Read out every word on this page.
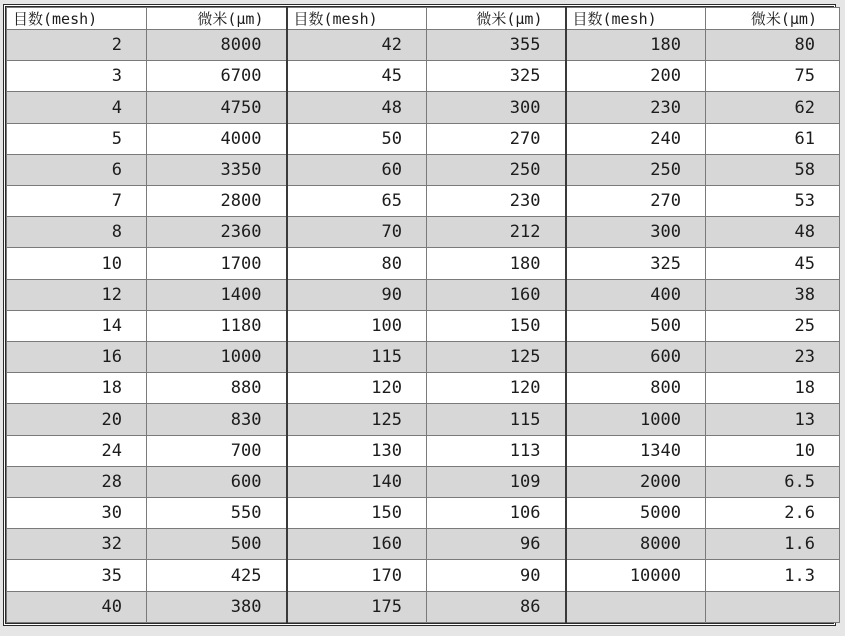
目数(mesh)	微米(μm)	目数(mesh)	微米(μm)	目数(mesh)	微米(μm)
2	8000	42	355	180	80
3	6700	45	325	200	75
4	4750	48	300	230	62
5	4000	50	270	240	61
6	3350	60	250	250	58
7	2800	65	230	270	53
8	2360	70	212	300	48
10	1700	80	180	325	45
12	1400	90	160	400	38
14	1180	100	150	500	25
16	1000	115	125	600	23
18	880	120	120	800	18
20	830	125	115	1000	13
24	700	130	113	1340	10
28	600	140	109	2000	6.5
30	550	150	106	5000	2.6
32	500	160	96	8000	1.6
35	425	170	90	10000	1.3
40	380	175	86		
